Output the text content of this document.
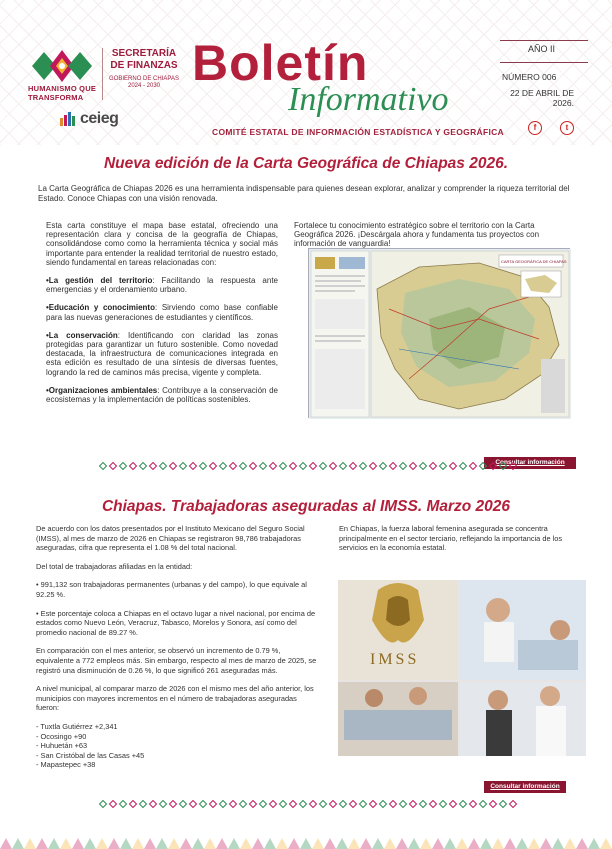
HUMANISMO QUE
TRANSFORMA
SECRETARÍA
DE FINANZAS
GOBIERNO DE CHIAPAS
2024 - 2030
ceieg
Boletín
Informativo
COMITÉ ESTATAL DE INFORMACIÓN ESTADÍSTICA Y GEOGRÁFICA
AÑO II
NÚMERO 006
22 DE ABRIL DE 2026.
f	t
Nueva edición de la Carta Geográfica de Chiapas 2026.
La Carta Geográfica de Chiapas 2026 es una herramienta indispensable para quienes desean explorar, analizar y comprender la riqueza territorial del Estado. Conoce Chiapas con una visión renovada.

Esta carta constituye el mapa base estatal, ofreciendo una representación clara y concisa de la geografía de Chiapas, consolidándose como como la herramienta técnica y social más importante para entender la realidad territorial de nuestro estado, siendo fundamental en tareas relacionadas con:

•La gestión del territorio: Facilitando la respuesta ante emergencias y el ordenamiento urbano.

•Educación y conocimiento: Sirviendo como base confiable para las nuevas generaciones de estudiantes y científicos.

•La conservación: Identificando con claridad las zonas protegidas para garantizar un futuro sostenible. Como novedad destacada, la infraestructura de comunicaciones integrada en esta edición es resultado de una síntesis de diversas fuentes, logrando la red de caminos más precisa, vigente y completa.

•Organizaciones ambientales: Contribuye a la conservación de ecosistemas y la implementación de políticas sostenibles.

Fortalece tu conocimiento estratégico sobre el territorio con la Carta Geográfica 2026. ¡Descárgala ahora y fundamenta tus proyectos con información de vanguardia!
CARTA GEOGRÁFICA DE CHIAPAS
Consultar información
Chiapas. Trabajadoras aseguradas al IMSS. Marzo 2026

De acuerdo con los datos presentados por el Instituto Mexicano del Seguro Social (IMSS), al mes de marzo de 2026 en Chiapas se registraron 98,786 trabajadoras aseguradas, cifra que representa el 1.08 % del total nacional.

Del total de trabajadoras afiliadas en la entidad:

• 991,132 son trabajadoras permanentes (urbanas y del campo), lo que equivale al 92.25 %.

• Este porcentaje coloca a Chiapas en el octavo lugar a nivel nacional, por encima de estados como Nuevo León, Veracruz, Tabasco, Morelos y Sonora, así como del promedio nacional de 89.27 %.

En comparación con el mes anterior, se observó un incremento de 0.79 %, equivalente a 772 empleos más. Sin embargo, respecto al mes de marzo de 2025, se registró una disminución de 0.26 %, lo que significó 261 aseguradas más.

A nivel municipal, al comparar marzo de 2026 con el mismo mes del año anterior, los municipios con mayores incrementos en el número de trabajadoras aseguradas fueron:

- Tuxtla Gutiérrez +2,341
- Ocosingo +90
- Huhuetán +63
- San Cristóbal de las Casas +45
- Mapastepec +38
En Chiapas, la fuerza laboral femenina asegurada se concentra principalmente en el sector terciario, reflejando la importancia de los servicios en la economía estatal.
IMSS
Consultar información
